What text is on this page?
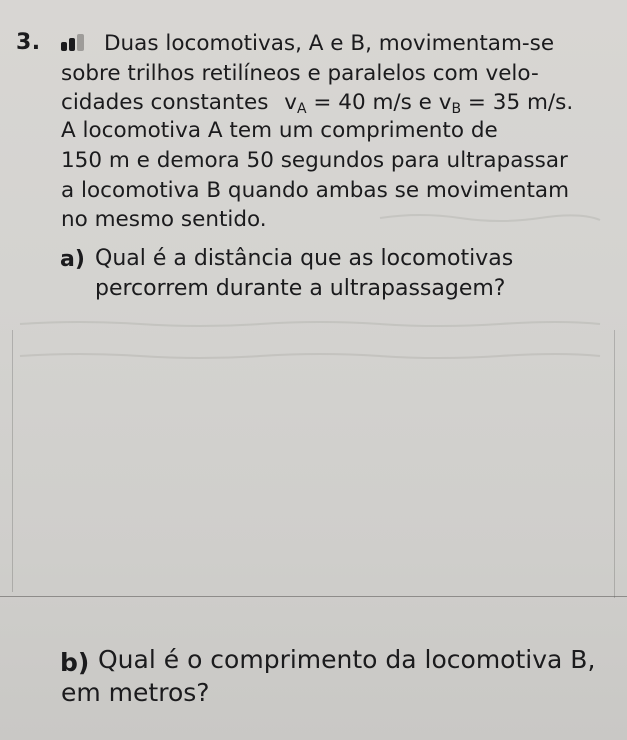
3.	Duas locomotivas, A e B, movimentam-se
sobre trilhos retilíneos e paralelos com velo-
cidades constantes $v_A = 40$ m/s e $v_B = 35$ m/s.
A locomotiva A tem um comprimento de
150 m e demora 50 segundos para ultrapassar
a locomotiva B quando ambas se movimentam
no mesmo sentido.
a) Qual é a distância que as locomotivas
percorrem durante a ultrapassagem?
b) Qual é o comprimento da locomotiva B,
em metros?
